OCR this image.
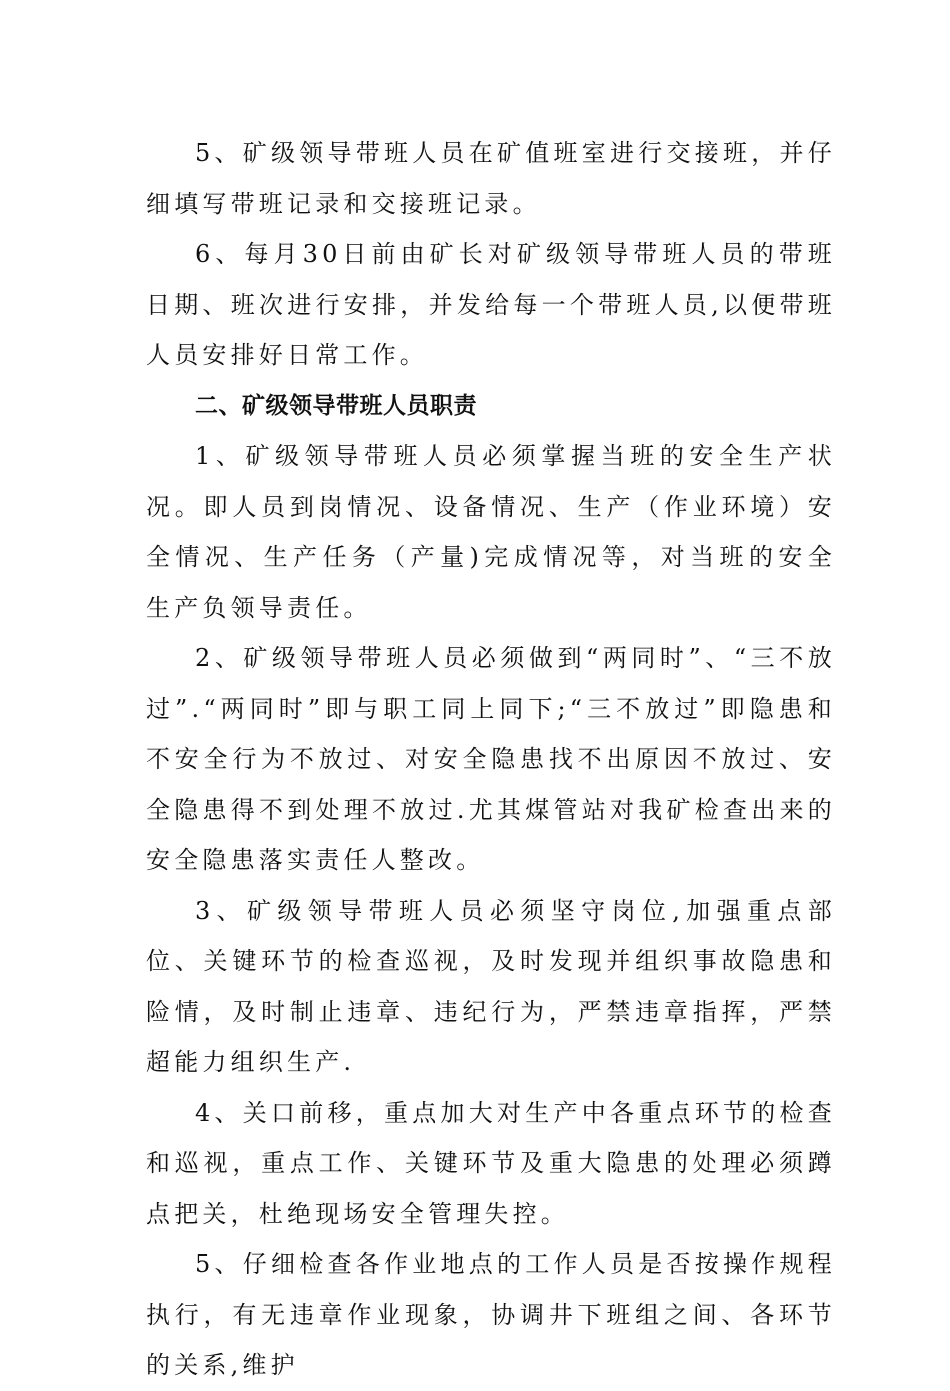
5、矿级领导带班人员在矿值班室进行交接班，并仔细填写带班记录和交接班记录。

6、每月30日前由矿长对矿级领导带班人员的带班日期、班次进行安排，并发给每一个带班人员,以便带班人员安排好日常工作。

二、矿级领导带班人员职责

1、矿级领导带班人员必须掌握当班的安全生产状况。即人员到岗情况、设备情况、生产（作业环境）安全情况、生产任务（产量)完成情况等，对当班的安全生产负领导责任。

2、矿级领导带班人员必须做到“两同时”、“三不放过”.“两同时”即与职工同上同下;“三不放过”即隐患和不安全行为不放过、对安全隐患找不出原因不放过、安全隐患得不到处理不放过.尤其煤管站对我矿检查出来的安全隐患落实责任人整改。

3、矿级领导带班人员必须坚守岗位,加强重点部位、关键环节的检查巡视，及时发现并组织事故隐患和险情，及时制止违章、违纪行为，严禁违章指挥，严禁超能力组织生产.

4、关口前移，重点加大对生产中各重点环节的检查和巡视，重点工作、关键环节及重大隐患的处理必须蹲点把关，杜绝现场安全管理失控。

5、仔细检查各作业地点的工作人员是否按操作规程执行，有无违章作业现象，协调井下班组之间、各环节的关系,维护
